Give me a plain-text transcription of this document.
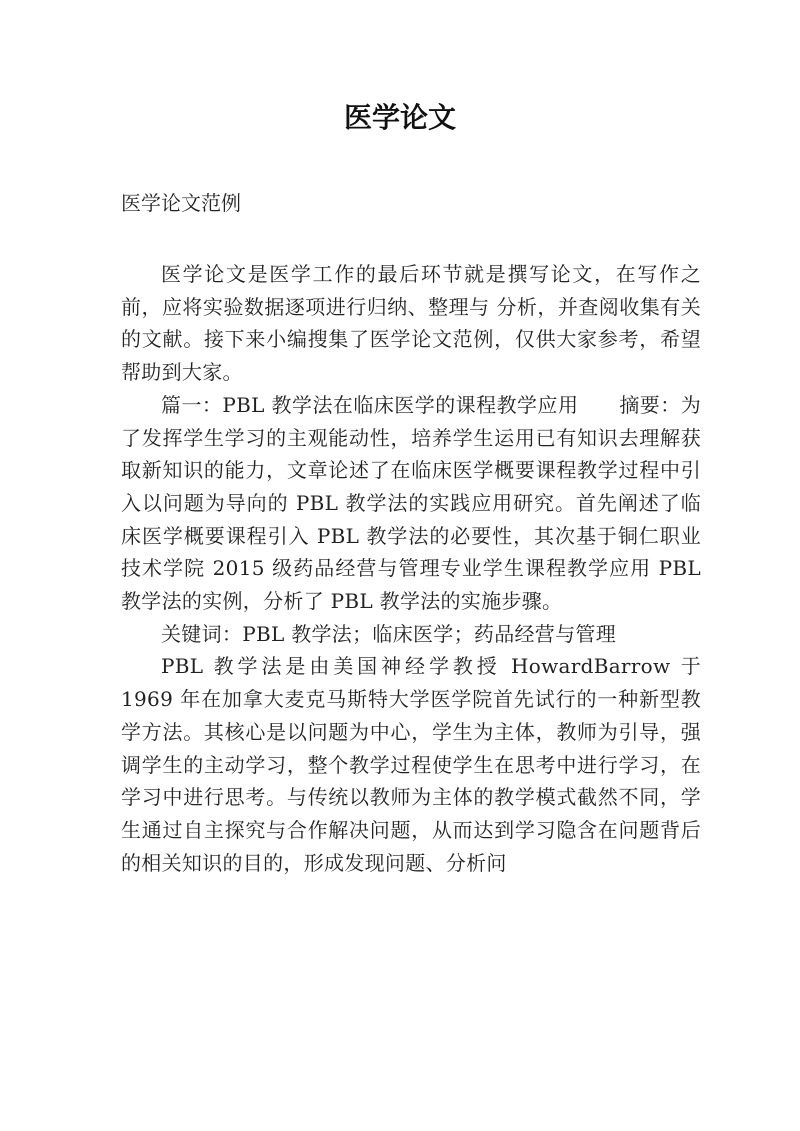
医学论文
医学论文范例

医学论文是医学工作的最后环节就是撰写论文，在写作之前，应将实验数据逐项进行归纳、整理与 分析，并查阅收集有关的文献。接下来小编搜集了医学论文范例，仅供大家参考，希望帮助到大家。

篇一：PBL 教学法在临床医学的课程教学应用　　摘要：为了发挥学生学习的主观能动性，培养学生运用已有知识去理解获取新知识的能力，文章论述了在临床医学概要课程教学过程中引入以问题为导向的 PBL 教学法的实践应用研究。首先阐述了临床医学概要课程引入 PBL 教学法的必要性，其次基于铜仁职业技术学院 2015 级药品经营与管理专业学生课程教学应用 PBL 教学法的实例，分析了 PBL 教学法的实施步骤。

关键词：PBL 教学法；临床医学；药品经营与管理

PBL 教学法是由美国神经学教授 HowardBarrow 于 1969 年在加拿大麦克马斯特大学医学院首先试行的一种新型教学方法。其核心是以问题为中心，学生为主体，教师为引导，强调学生的主动学习，整个教学过程使学生在思考中进行学习，在学习中进行思考。与传统以教师为主体的教学模式截然不同，学生通过自主探究与合作解决问题，从而达到学习隐含在问题背后的相关知识的目的，形成发现问题、分析问
